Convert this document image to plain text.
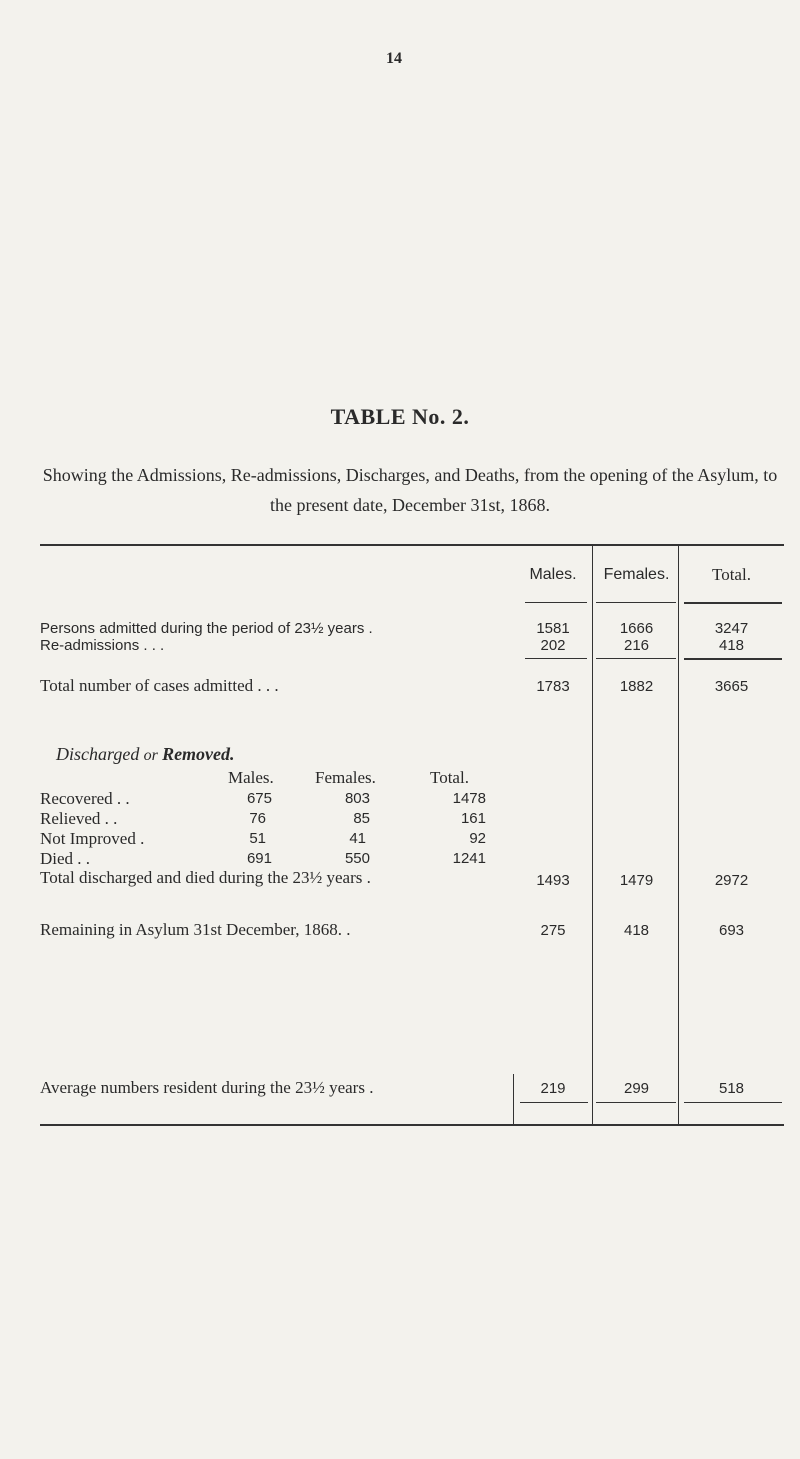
14
TABLE No. 2.
Showing the Admissions, Re-admissions, Discharges, and Deaths, from the opening of the Asylum, to the present date, December 31st, 1868.
Males.	Females.	Total.
Persons admitted during the period of 23½ years .	1581	1666	3247
Re-admissions . . .	202	216	418
Total number of cases admitted . . .	1783	1882	3665
Discharged or Removed.
Males. Females.	Total.
Recovered . .	675	803	1478
Relieved . .	76	85	161
Not Improved .	51	41	92
Died . .	691	550	1241
Total discharged and died during the 23½ years .	1493	1479	2972
Remaining in Asylum 31st December, 1868. .	275	418	693
Average numbers resident during the 23½ years .	219	299	518
